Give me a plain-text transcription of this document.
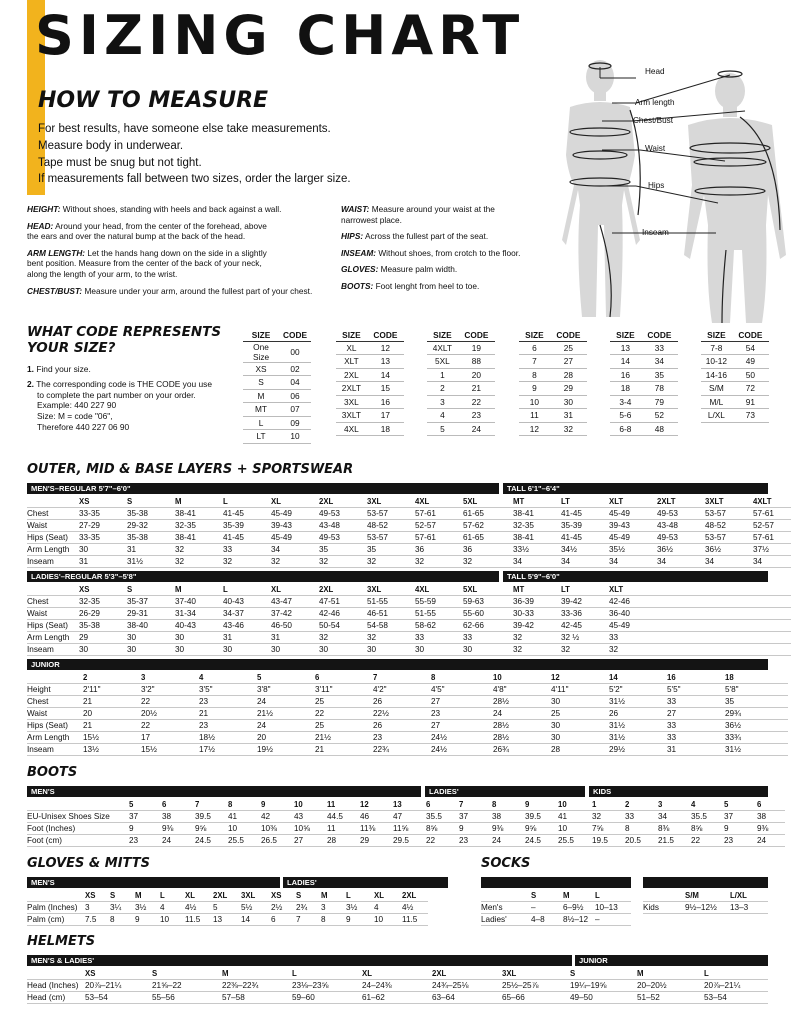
SIZING CHART
HOW TO MEASURE
For best results, have someone else take measurements.
Measure body in underwear.
Tape must be snug but not tight.
If measurements fall between two sizes, order the larger size.

HEIGHT: Without shoes, standing with heels and back against a wall.

HEAD: Around your head, from the center of the forehead, above
the ears and over the natural bump at the back of the head.

ARM LENGTH: Let the hands hang down on the side in a slightly
bent position. Measure from the center of the back of your neck,
along the length of your arm, to the wrist.

CHEST/BUST: Measure under your arm, around the fullest part of your chest.

WAIST: Measure around your waist at the
narrowest place.

HIPS: Across the fullest part of the seat.

INSEAM: Without shoes, from crotch to the floor.

GLOVES: Measure palm width.

BOOTS: Foot lenght from heel to toe.

Head
Arm length
Chest/Bust
Waist
Hips
Inseam
WHAT CODE REPRESENTS
YOUR SIZE?
1. Find your size.
2. The corresponding code is THE CODE you use
to complete the part number on your order.
Example: 440 227 90
Size: M = code "06",
Therefore 440 227 06 90
SIZE	CODE
One Size	00
XS	02
S	04
M	06
MT	07
L	09
LT	10
SIZE	CODE
XL	12
XLT	13
2XL	14
2XLT	15
3XL	16
3XLT	17
4XL	18
SIZE	CODE
4XLT	19
5XL	88
1	20
2	21
3	22
4	23
5	24
SIZE	CODE
6	25
7	27
8	28
9	29
10	30
11	31
12	32
SIZE	CODE
13	33
14	34
16	35
18	78
3-4	79
5-6	52
6-8	48
SIZE	CODE
7-8	54
10-12	49
14-16	50
S/M	72
M/L	91
L/XL	73
OUTER, MID & BASE LAYERS + SPORTSWEAR
MEN'S–REGULAR 5'7"–6'0"	TALL 6'1"–6'4"
	XS	S	M	L	XL	2XL	3XL	4XL	5XL	MT	LT	XLT	2XLT	3XLT	4XLT
Chest	33-35	35-38	38-41	41-45	45-49	49-53	53-57	57-61	61-65	38-41	41-45	45-49	49-53	53-57	57-61
Waist	27-29	29-32	32-35	35-39	39-43	43-48	48-52	52-57	57-62	32-35	35-39	39-43	43-48	48-52	52-57
Hips (Seat)	33-35	35-38	38-41	41-45	45-49	49-53	53-57	57-61	61-65	38-41	41-45	45-49	49-53	53-57	57-61
Arm Length	30	31	32	33	34	35	35	36	36	33½	34½	35½	36½	36½	37½
Inseam	31	31½	32	32	32	32	32	32	32	34	34	34	34	34	34
LADIES'–REGULAR 5'3"–5'8"	TALL 5'9"–6'0"
	XS	S	M	L	XL	2XL	3XL	4XL	5XL	MT	LT	XLT			
Chest	32-35	35-37	37-40	40-43	43-47	47-51	51-55	55-59	59-63	36-39	39-42	42-46			
Waist	26-29	29-31	31-34	34-37	37-42	42-46	46-51	51-55	55-60	30-33	33-36	36-40			
Hips (Seat)	35-38	38-40	40-43	43-46	46-50	50-54	54-58	58-62	62-66	39-42	42-45	45-49			
Arm Length	29	30	30	31	31	32	32	33	33	32	32 ½	33			
Inseam	30	30	30	30	30	30	30	30	30	32	32	32			
JUNIOR
	2	3	4	5	6	7	8	10	12	14	16	18
Height	2'11"	3'2"	3'5"	3'8"	3'11"	4'2"	4'5"	4'8"	4'11"	5'2"	5'5"	5'8"
Chest	21	22	23	24	25	26	27	28½	30	31½	33	35
Waist	20	20½	21	21½	22	22½	23	24	25	26	27	29¾
Hips (Seat)	21	22	23	24	25	26	27	28½	30	31½	33	36½
Arm Length	15½	17	18½	20	21½	23	24½	28½	30	31½	33	33¾
Inseam	13½	15½	17½	19½	21	22¾	24½	26¾	28	29½	31	31½
BOOTS
MEN'S	LADIES'	KIDS
	5	6	7	8	9	10	11	12	13	6	7	8	9	10	1	2	3	4	5	6
EU-Unisex Shoes Size	37	38	39.5	41	42	43	44.5	46	47	35.5	37	38	39.5	41	32	33	34	35.5	37	38
Foot (Inches)	9	9⅜	9⅝	10	10⅜	10⅝	11	11⅜	11⅝	8⅝	9	9⅜	9⅝	10	7⅝	8	8⅜	8⅝	9	9⅜
Foot (cm)	23	24	24.5	25.5	26.5	27	28	29	29.5	22	23	24	24.5	25.5	19.5	20.5	21.5	22	23	24
GLOVES & MITTS
MEN'S	LADIES'
	XS	S	M	L	XL	2XL	3XL	XS	S	M	L	XL	2XL
Palm (Inches)	3	3¼	3½	4	4½	5	5½	2½	2¾	3	3½	4	4½
Palm (cm)	7.5	8	9	10	11.5	13	14	6	7	8	9	10	11.5
SOCKS
	S	M	L
Men's	–	6–9½	10–13
Ladies'	4–8	8½–12	–
	S/M	L/XL
Kids	9½–12½	13–3
HELMETS
MEN'S & LADIES'	JUNIOR
	XS	S	M	L	XL	2XL	3XL	S	M	L
Head (Inches)	20⅞–21¼	21⅝–22	22⅜–22¾	23⅛–23⅝	24–24⅜	24¾–25⅛	25½–25⅞	19¼–19⅝	20–20½	20⅞–21¼
Head (cm)	53–54	55–56	57–58	59–60	61–62	63–64	65–66	49–50	51–52	53–54
